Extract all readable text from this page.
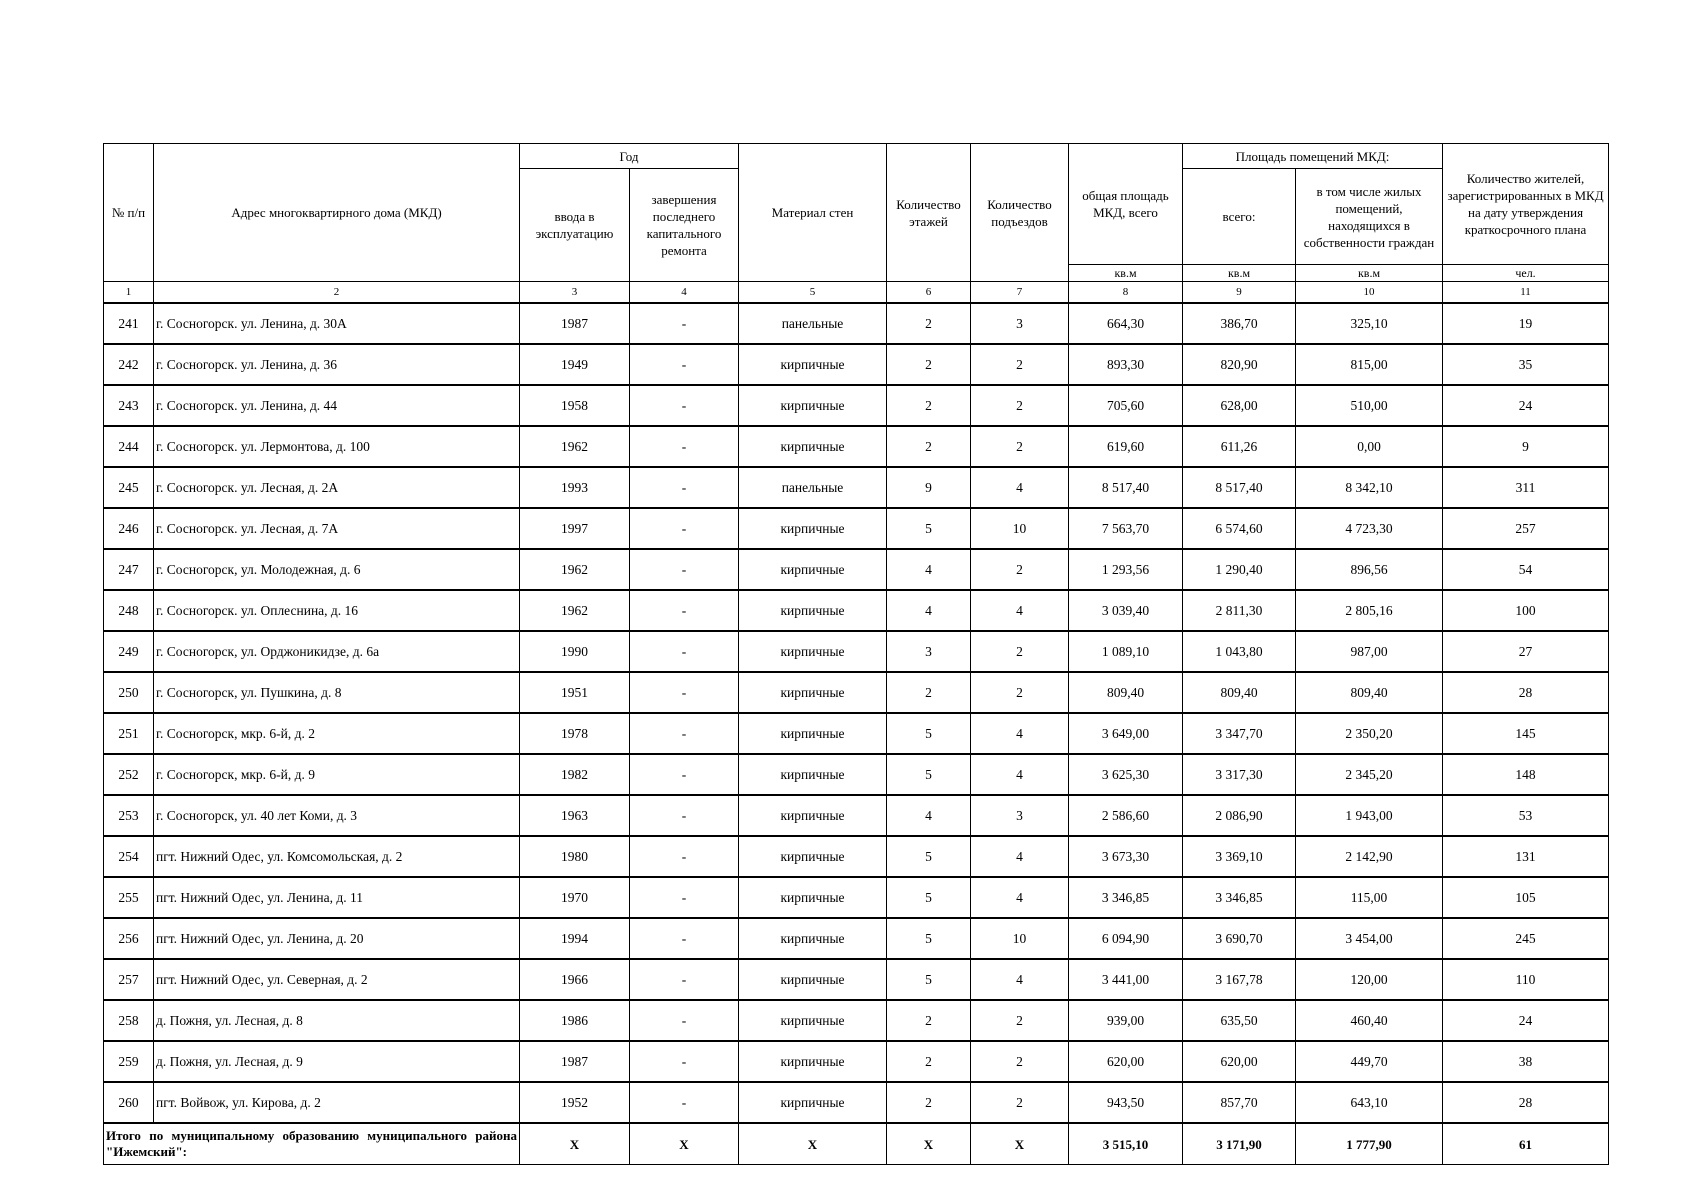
№ п/п	Адрес многоквартирного дома (МКД)	Год		Материал стен	Количество этажей	Количество подъездов	общая площадь МКД, всего	Площадь помещений МКД:		Количество жителей, зарегистрированных в МКД на дату утверждения краткосрочного плана
		ввода в эксплуатацию	завершения последнего капитального ремонта					всего:	в том числе жилых помещений, находящихся в собственности граждан	
							кв.м	кв.м	кв.м	чел.
1	2	3	4	5	6	7	8	9	10	11
241	г. Сосногорск. ул. Ленина, д. 30А	1987	-	панельные	2	3	664,30	386,70	325,10	19
242	г. Сосногорск. ул. Ленина, д. 36	1949	-	кирпичные	2	2	893,30	820,90	815,00	35
243	г. Сосногорск. ул. Ленина, д. 44	1958	-	кирпичные	2	2	705,60	628,00	510,00	24
244	г. Сосногорск. ул. Лермонтова, д. 100	1962	-	кирпичные	2	2	619,60	611,26	0,00	9
245	г. Сосногорск. ул. Лесная, д. 2А	1993	-	панельные	9	4	8 517,40	8 517,40	8 342,10	311
246	г. Сосногорск. ул. Лесная, д. 7А	1997	-	кирпичные	5	10	7 563,70	6 574,60	4 723,30	257
247	г. Сосногорск, ул. Молодежная, д. 6	1962	-	кирпичные	4	2	1 293,56	1 290,40	896,56	54
248	г. Сосногорск. ул. Оплеснина, д. 16	1962	-	кирпичные	4	4	3 039,40	2 811,30	2 805,16	100
249	г. Сосногорск, ул. Орджоникидзе, д. 6а	1990	-	кирпичные	3	2	1 089,10	1 043,80	987,00	27
250	г. Сосногорск, ул. Пушкина, д. 8	1951	-	кирпичные	2	2	809,40	809,40	809,40	28
251	г. Сосногорск, мкр. 6-й, д. 2	1978	-	кирпичные	5	4	3 649,00	3 347,70	2 350,20	145
252	г. Сосногорск, мкр. 6-й, д. 9	1982	-	кирпичные	5	4	3 625,30	3 317,30	2 345,20	148
253	г. Сосногорск, ул. 40 лет Коми, д. 3	1963	-	кирпичные	4	3	2 586,60	2 086,90	1 943,00	53
254	пгт. Нижний Одес, ул. Комсомольская, д. 2	1980	-	кирпичные	5	4	3 673,30	3 369,10	2 142,90	131
255	пгт. Нижний Одес, ул. Ленина, д. 11	1970	-	кирпичные	5	4	3 346,85	3 346,85	115,00	105
256	пгт. Нижний Одес, ул. Ленина, д. 20	1994	-	кирпичные	5	10	6 094,90	3 690,70	3 454,00	245
257	пгт. Нижний Одес, ул. Северная, д. 2	1966	-	кирпичные	5	4	3 441,00	3 167,78	120,00	110
258	д. Пожня, ул. Лесная, д. 8	1986	-	кирпичные	2	2	939,00	635,50	460,40	24
259	д. Пожня, ул. Лесная, д. 9	1987	-	кирпичные	2	2	620,00	620,00	449,70	38
260	пгт. Войвож, ул. Кирова, д. 2	1952	-	кирпичные	2	2	943,50	857,70	643,10	28
Итого по муниципальному образованию муниципального района "Ижемский":		X	X	X	X	X	3 515,10	3 171,90	1 777,90	61
